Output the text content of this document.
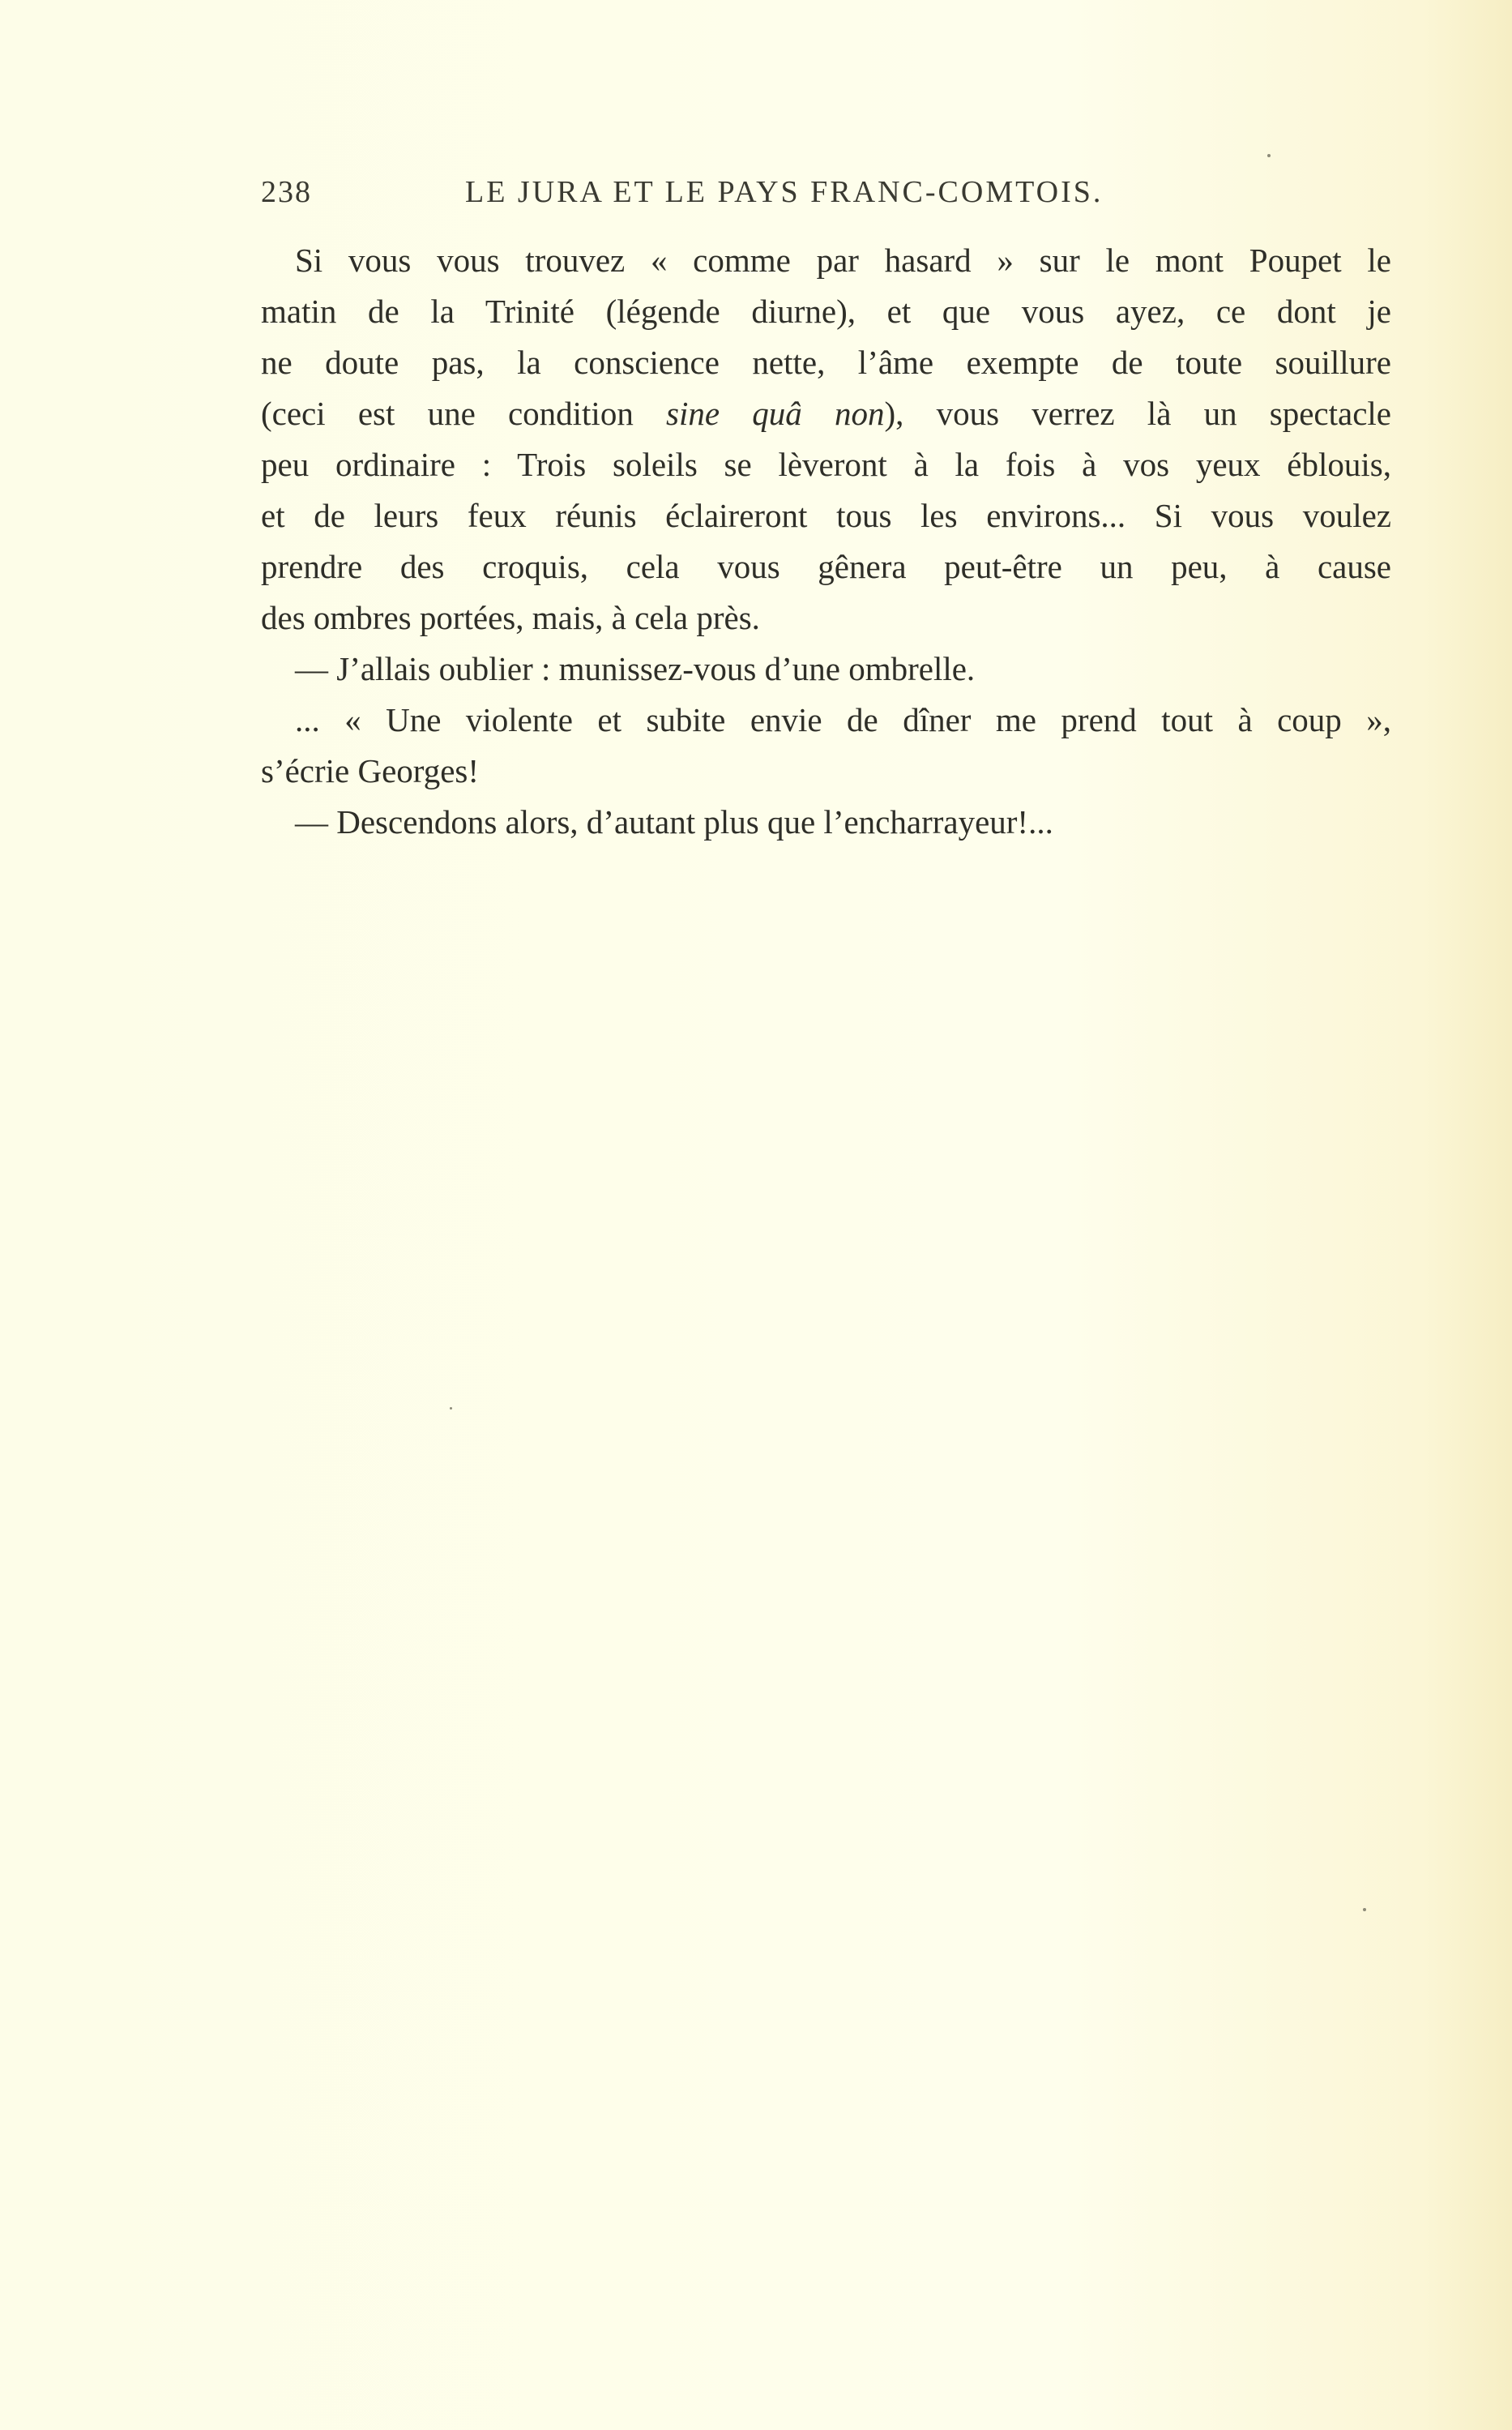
238	LE JURA ET LE PAYS FRANC-COMTOIS.
Si vous vous trouvez « comme par hasard » sur le mont Poupet le
matin de la Trinité (légende diurne), et que vous ayez, ce dont je
ne doute pas, la conscience nette, l’âme exempte de toute souillure
(ceci est une condition sine quâ non), vous verrez là un spectacle
peu ordinaire : Trois soleils se lèveront à la fois à vos yeux éblouis,
et de leurs feux réunis éclaireront tous les environs... Si vous voulez
prendre des croquis, cela vous gênera peut-être un peu, à cause
des ombres portées, mais, à cela près.
— J’allais oublier : munissez-vous d’une ombrelle.
... « Une violente et subite envie de dîner me prend tout à coup »,
s’écrie Georges!
— Descendons alors, d’autant plus que l’encharrayeur!...
